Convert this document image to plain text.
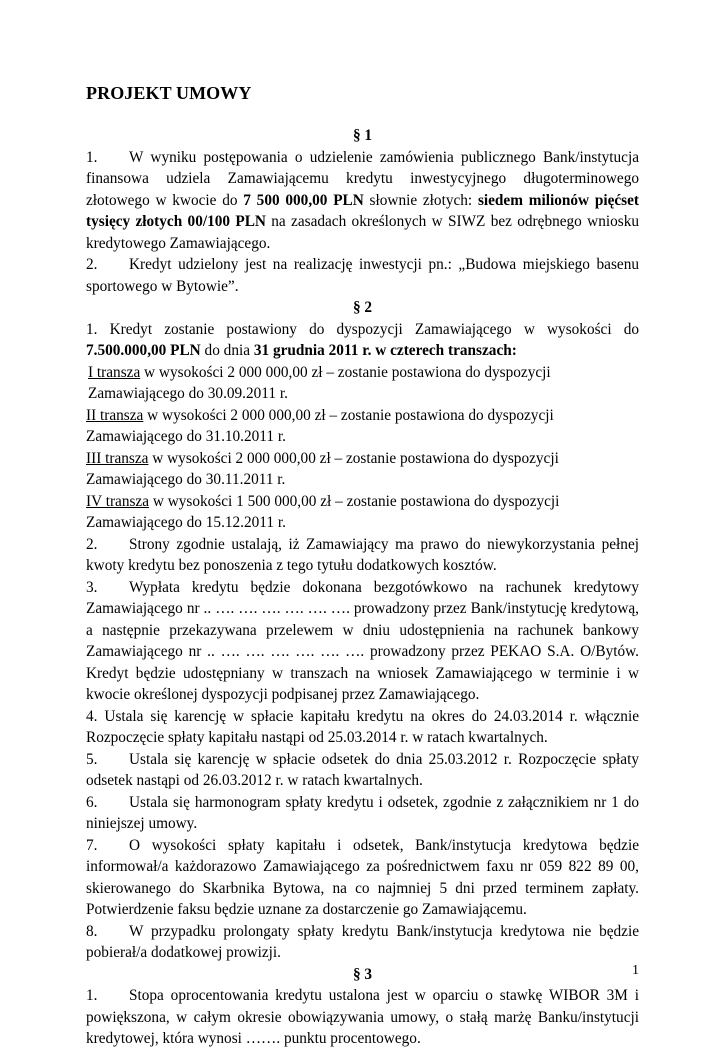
PROJEKT UMOWY

§ 1

1. W wyniku postępowania o udzielenie zamówienia publicznego Bank/instytucja finansowa udziela Zamawiającemu kredytu inwestycyjnego długoterminowego złotowego w kwocie do 7 500 000,00 PLN słownie złotych: siedem milionów pięćset tysięcy złotych 00/100 PLN na zasadach określonych w SIWZ bez odrębnego wniosku kredytowego Zamawiającego.

2. Kredyt udzielony jest na realizację inwestycji pn.: „Budowa miejskiego basenu sportowego w Bytowie”.

§ 2

1. Kredyt zostanie postawiony do dyspozycji Zamawiającego w wysokości do 7.500.000,00 PLN do dnia 31 grudnia 2011 r. w czterech transzach:

I transza w wysokości 2 000 000,00 zł – zostanie postawiona do dyspozycji Zamawiającego do 30.09.2011 r.

II transza w wysokości 2 000 000,00 zł – zostanie postawiona do dyspozycji Zamawiającego do 31.10.2011 r.

III transza w wysokości 2 000 000,00 zł – zostanie postawiona do dyspozycji Zamawiającego do 30.11.2011 r.

IV transza w wysokości 1 500 000,00 zł – zostanie postawiona do dyspozycji Zamawiającego do 15.12.2011 r.

2. Strony zgodnie ustalają, iż Zamawiający ma prawo do niewykorzystania pełnej kwoty kredytu bez ponoszenia z tego tytułu dodatkowych kosztów.

3. Wypłata kredytu będzie dokonana bezgotówkowo na rachunek kredytowy Zamawiającego nr .. …. …. …. …. …. …. prowadzony przez Bank/instytucję kredytową, a następnie przekazywana przelewem w dniu udostępnienia na rachunek bankowy Zamawiającego nr .. …. …. …. …. …. …. prowadzony przez PEKAO S.A. O/Bytów. Kredyt będzie udostępniany w transzach na wniosek Zamawiającego w terminie i w kwocie określonej dyspozycji podpisanej przez Zamawiającego.

4. Ustala się karencję w spłacie kapitału kredytu na okres do 24.03.2014 r. włącznie Rozpoczęcie spłaty kapitału nastąpi od 25.03.2014 r. w ratach kwartalnych.

5. Ustala się karencję w spłacie odsetek do dnia 25.03.2012 r. Rozpoczęcie spłaty odsetek nastąpi od 26.03.2012 r. w ratach kwartalnych.

6. Ustala się harmonogram spłaty kredytu i odsetek, zgodnie z załącznikiem nr 1 do niniejszej umowy.

7. O wysokości spłaty kapitału i odsetek, Bank/instytucja kredytowa będzie informował/a każdorazowo Zamawiającego za pośrednictwem faxu nr 059 822 89 00, skierowanego do Skarbnika Bytowa, na co najmniej 5 dni przed terminem zapłaty. Potwierdzenie faksu będzie uznane za dostarczenie go Zamawiającemu.

8. W przypadku prolongaty spłaty kredytu Bank/instytucja kredytowa nie będzie pobierał/a dodatkowej prowizji.

§ 3

1. Stopa oprocentowania kredytu ustalona jest w oparciu o stawkę WIBOR 3M i powiększona, w całym okresie obowiązywania umowy, o stałą marżę Banku/instytucji kredytowej, która wynosi ……. punktu procentowego.

1
